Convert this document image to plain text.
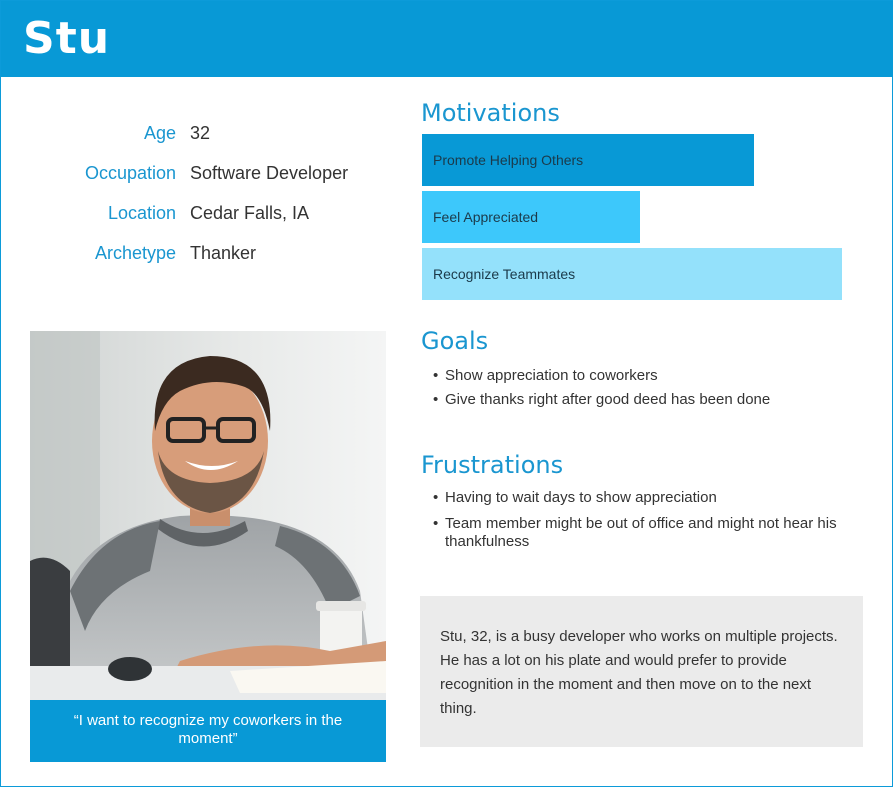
Stu
Age 32
Occupation Software Developer
Location Cedar Falls, IA
Archetype Thanker
“I want to recognize my coworkers in the moment”
Motivations
Promote Helping Others
Feel Appreciated
Recognize Teammates
Goals
• Show appreciation to coworkers
• Give thanks right after good deed has been done
Frustrations
• Having to wait days to show appreciation
• Team member might be out of office and might not hear his thankfulness
Stu, 32, is a busy developer who works on multiple projects. He has a lot on his plate and would prefer to provide recognition in the moment and then move on to the next thing.
